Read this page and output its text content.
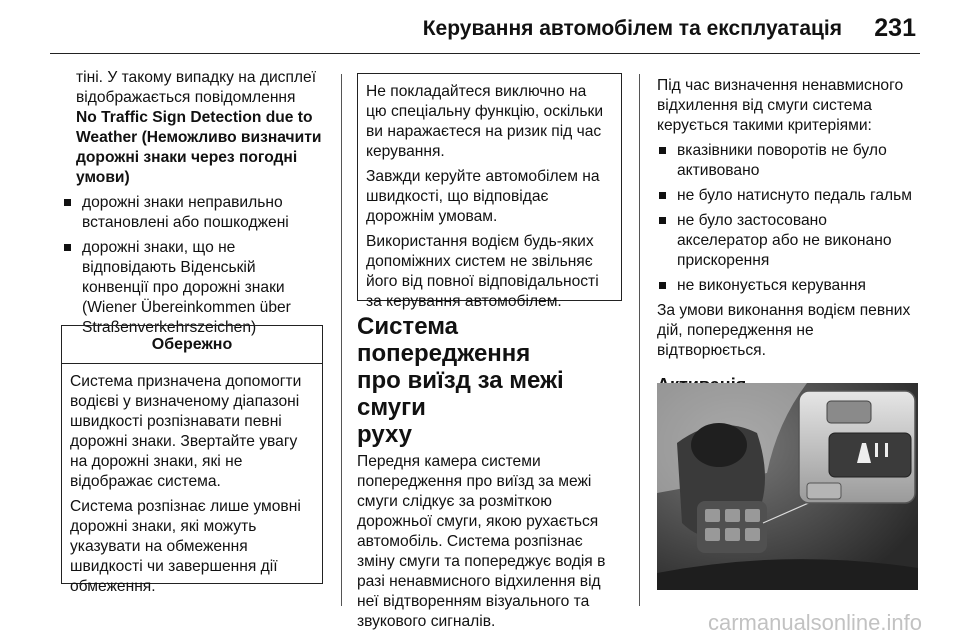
Керування автомобілем та експлуатація 231

тіні. У такому випадку на дисплеї
відображається повідомлення
No Traffic Sign Detection due to
Weather (Неможливо визначити
дорожні знаки через погодні
умови)

дорожні знаки неправильно
встановлені або пошкоджені
дорожні знаки, що не
відповідають Віденській
конвенції про дорожні знаки
(Wiener Übereinkommen über
Straßenverkehrszeichen)
Обережно

Система призначена допомогти
водієві у визначеному діапазоні
швидкості розпізнавати певні
дорожні знаки. Звертайте увагу
на дорожні знаки, які не
відображає система.

Система розпізнає лише умовні
дорожні знаки, які можуть
указувати на обмеження
швидкості чи завершення дії
обмеження.

Не покладайтеся виключно на
цю спеціальну функцію, оскільки
ви наражаєтеся на ризик під час
керування.

Завжди керуйте автомобілем на
швидкості, що відповідає
дорожнім умовам.

Використання водієм будь-яких
допоміжних систем не звільняє
його від повної відповідальності
за керування автомобілем.

Система попередження
про виїзд за межі смуги
руху

Передня камера системи
попередження про виїзд за межі
смуги слідкує за розміткою
дорожньої смуги, якою рухається
автомобіль. Система розпізнає
зміну смуги та попереджує водія в
разі ненавмисного відхилення від
неї відтворенням візуального та
звукового сигналів.

Під час визначення ненавмисного
відхилення від смуги система
керується такими критеріями:

вказівники поворотів не було
активовано
не було натиснуто педаль гальм
не було застосовано
акселератор або не виконано
прискорення
не виконується керування

За умови виконання водієм певних
дій, попередження не
відтворюється.

carmanualsonline.info
